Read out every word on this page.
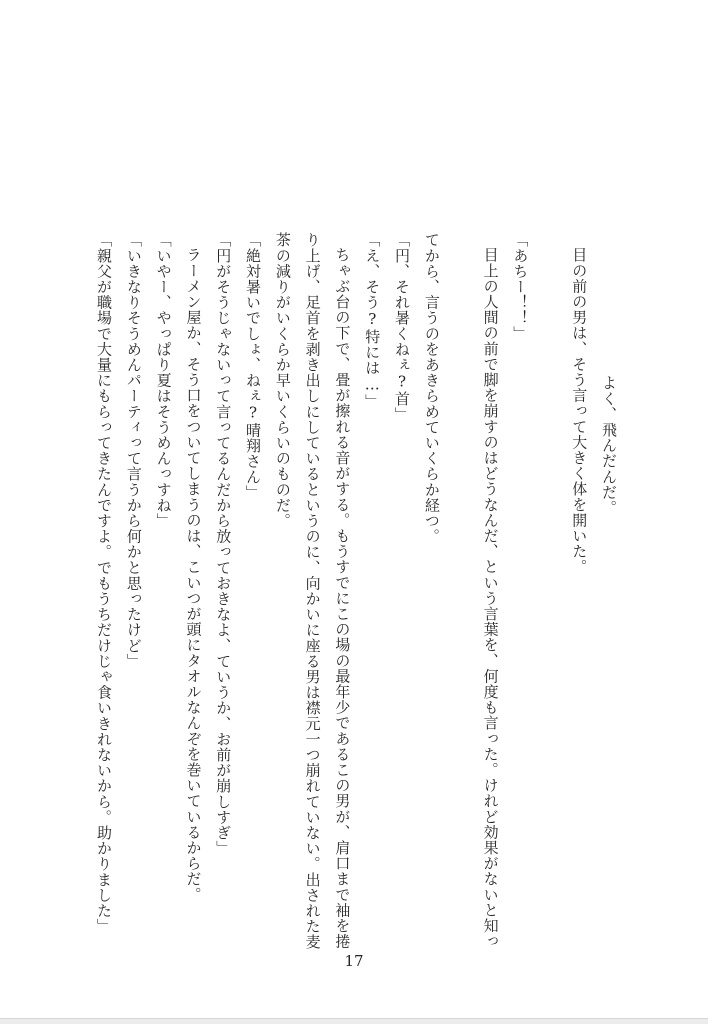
よく、飛んだんだ。

目の前の男は、そう言って大きく体を開いた。

「あちー！！」

目上の人間の前で脚を崩すのはどうなんだ、という言葉を、何度も言った。けれど効果がないと知っ

てから、言うのをあきらめていくらか経つ。

「円、それ暑くねぇ?首」

「え、そう?特には…」

ちゃぶ台の下で、畳が擦れる音がする。もうすでにこの場の最年少であるこの男が、肩口まで袖を捲

り上げ、足首を剥き出しにしているというのに、向かいに座る男は襟元一つ崩れていない。出された麦

茶の減りがいくらか早いくらいのものだ。

「絶対暑いでしょ、ねぇ?晴翔さん」

「円がそうじゃないって言ってるんだから放っておきなよ、ていうか、お前が崩しすぎ」

ラーメン屋か、そう口をついてしまうのは、こいつが頭にタオルなんぞを巻いているからだ。

「いやー、やっぱり夏はそうめんっすね」

「いきなりそうめんパーティって言うから何かと思ったけど」

「親父が職場で大量にもらってきたんですよ。でもうちだけじゃ食いきれないから。助かりました」

17
